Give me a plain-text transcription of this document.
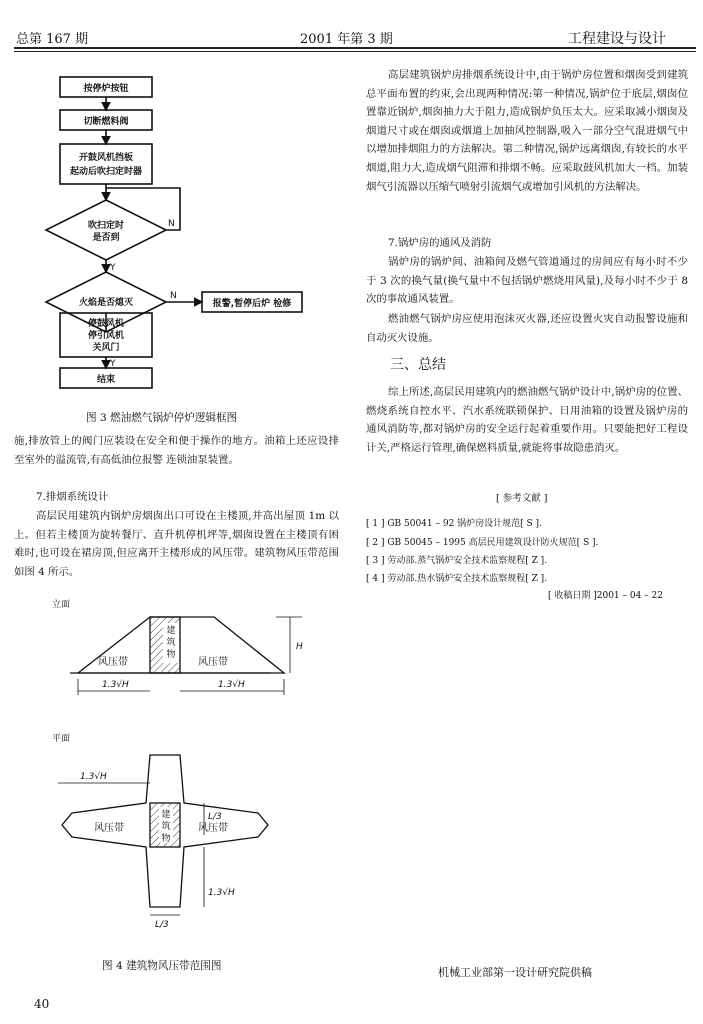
总第 167 期	2001 年第 3 期	工程建设与设计
按停炉按钮
切断燃料阀
开鼓风机挡板
起动后吹扫定时器
吹扫定时
是否到
火焰是否熄灭
停鼓风机
停引风机
关风门
报警,暂停后炉 检修
结束
N
Y
N
Y
图 3 燃油燃气锅炉停炉逻辑框图

施,排放管上的阀门应装设在安全和便于操作的地方。油箱上还应设排至室外的溢流管,有高低油位报警 连锁油泵装置。

7.排烟系统设计

高层民用建筑内锅炉房烟囱出口可设在主楼顶,并高出屋顶 1m 以上。但若主楼顶为旋转餐厅、直升机停机坪等,烟囱设置在主楼顶有困难时,也可设在裙房顶,但应离开主楼形成的风压带。建筑物风压带范围如图 4 所示。

立面
风压带	风压带
建
筑
物
H
1.3√H	1.3√H
平面
风压带	风压带
建
筑
物
1.3√H
1.3√H
L/3
L/3
图 4 建筑物风压带范围图

高层建筑锅炉房排烟系统设计中,由于锅炉房位置和烟囱受到建筑总平面布置的约束,会出现两种情况:第一种情况,锅炉位于底层,烟囱位置靠近锅炉,烟囱抽力大于阻力,造成锅炉负压太大。应采取减小烟囱及烟道尺寸或在烟囱或烟道上加抽风控制器,吸入一部分空气混进烟气中以增加排烟阻力的方法解决。第二种情况,锅炉远离烟囱,有较长的水平烟道,阻力大,造成烟气阻滞和排烟不畅。应采取鼓风机加大一档。加装烟气引流器以压缩气喷射引流烟气或增加引风机的方法解决。

7.锅炉房的通风及消防

锅炉房的锅炉间、油箱间及燃气管道通过的房间应有每小时不少于 3 次的换气量(换气量中不包括锅炉燃烧用风量),及每小时不少于 8 次的事故通风装置。

燃油燃气锅炉房应使用泡沫灭火器,还应设置火灾自动报警设施和自动灭火设施。

三、总结

综上所述,高层民用建筑内的燃油燃气锅炉设计中,锅炉房的位置、燃烧系统自控水平、汽水系统联锁保护、日用油箱的设置及锅炉房的通风消防等,都对锅炉房的安全运行起着重要作用。只要能把好工程设计关,严格运行管理,确保燃料质量,就能将事故隐患消灭。

[ 参考文献 ]
[ 1 ] GB 50041 – 92 锅炉房设计规范[ S ].
[ 2 ] GB 50045 – 1995 高层民用建筑设计防火规范[ S ].
[ 3 ] 劳动部.蒸气锅炉安全技术监察规程[ Z ].
[ 4 ] 劳动部.热水锅炉安全技术监察规程[ Z ].
[ 收稿日期 ]2001 – 04 – 22
机械工业部第一设计研究院供稿
40
